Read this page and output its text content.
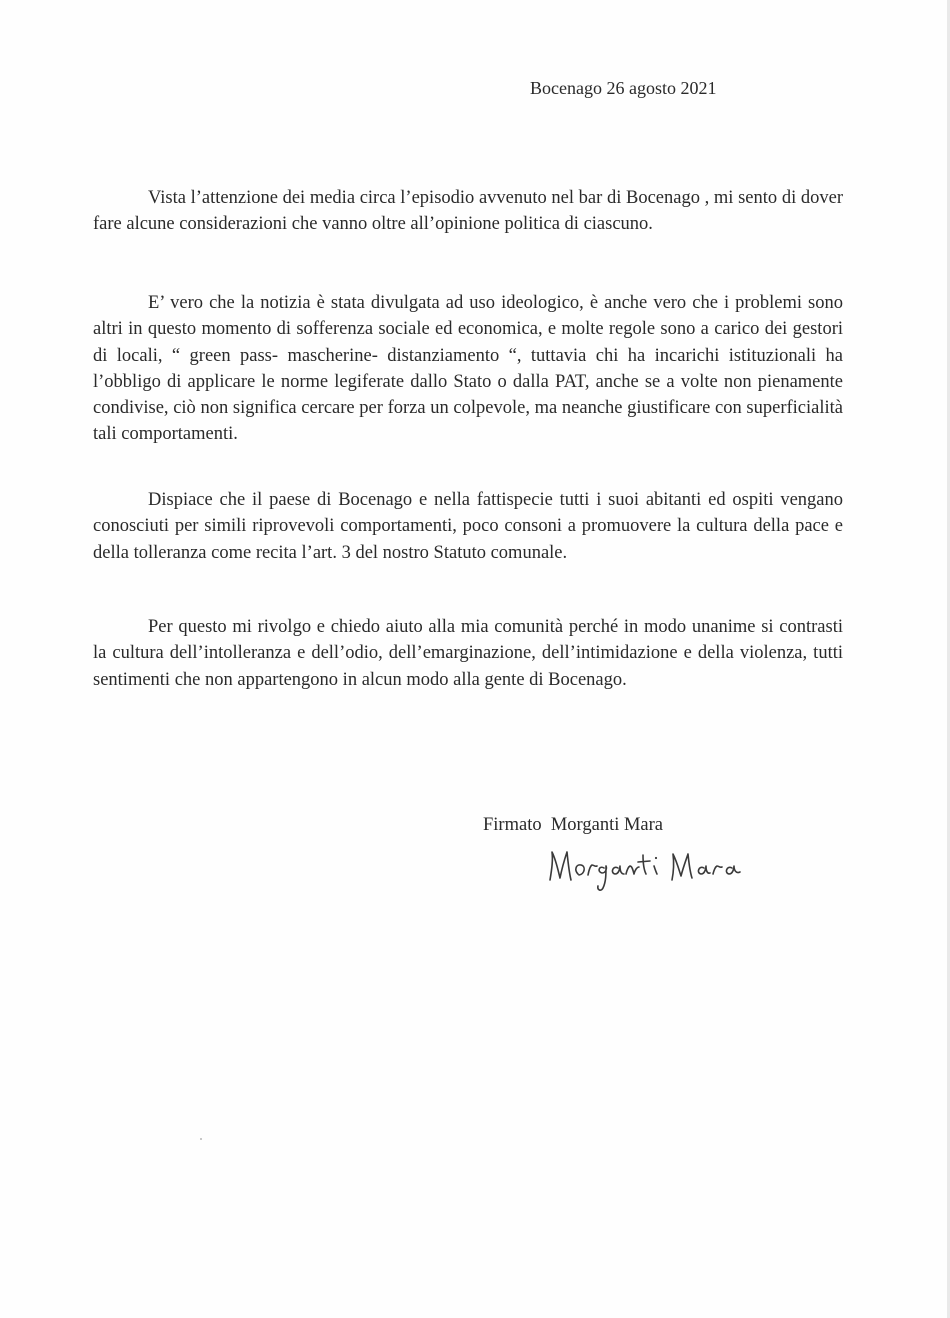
Bocenago 26 agosto 2021

Vista l’attenzione dei media circa l’episodio avvenuto nel bar di Bocenago , mi sento di dover fare alcune considerazioni che vanno oltre all’opinione politica di ciascuno.

E’ vero che la notizia è stata divulgata ad uso ideologico, è anche vero che i problemi sono altri in questo momento di sofferenza sociale ed economica, e molte regole sono a carico dei gestori di locali, “ green pass- mascherine- distanziamento “, tuttavia chi ha incarichi istituzionali ha l’obbligo di applicare le norme legiferate dallo Stato o dalla PAT, anche se a volte non pienamente condivise, ciò non significa cercare per forza un colpevole, ma neanche giustificare con superficialità tali comportamenti.

Dispiace che il paese di Bocenago e nella fattispecie tutti i suoi abitanti ed ospiti vengano conosciuti per simili riprovevoli comportamenti, poco consoni a promuovere la cultura della pace e della tolleranza come recita l’art. 3 del nostro Statuto comunale.

Per questo mi rivolgo e chiedo aiuto alla mia comunità perché in modo unanime si contrasti la cultura dell’intolleranza e dell’odio, dell’emarginazione, dell’intimidazione e della violenza, tutti sentimenti che non appartengono in alcun modo alla gente di Bocenago.

Firmato  Morganti Mara
